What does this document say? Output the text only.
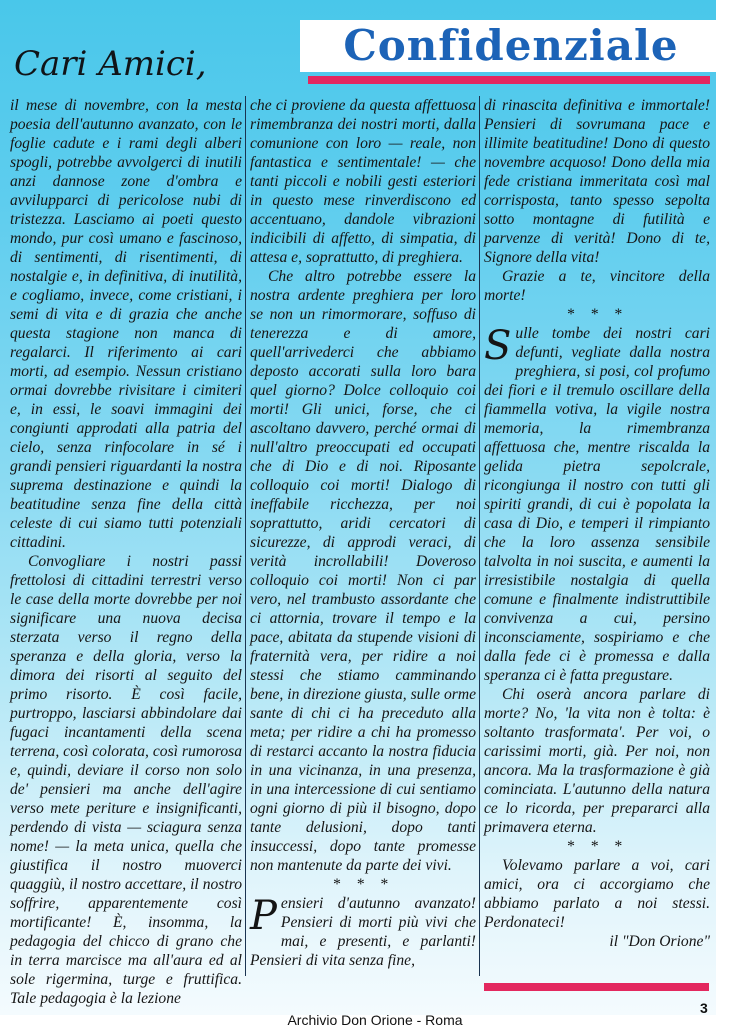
Confidenziale
Cari Amici,

il mese di novembre, con la mesta poesia dell'autunno avanzato, con le foglie cadute e i rami degli alberi spogli, potrebbe avvolgerci di inutili anzi dannose zone d'ombra e avvilupparci di pericolose nubi di tristezza. Lasciamo ai poeti questo mondo, pur così umano e fascinoso, di sentimenti, di risentimenti, di nostalgie e, in definitiva, di inutilità, e cogliamo, invece, come cristiani, i semi di vita e di grazia che anche questa stagione non manca di regalarci. Il riferimento ai cari morti, ad esempio. Nessun cristiano ormai dovrebbe rivisitare i cimiteri e, in essi, le soavi immagini dei congiunti approdati alla patria del cielo, senza rinfocolare in sé i grandi pensieri riguardanti la nostra suprema destinazione e quindi la beatitudine senza fine della città celeste di cui siamo tutti potenziali cittadini.

Convogliare i nostri passi frettolosi di cittadini terrestri verso le case della morte dovrebbe per noi significare una nuova decisa sterzata verso il regno della speranza e della gloria, verso la dimora dei risorti al seguito del primo risorto. È così facile, purtroppo, lasciarsi abbindolare dai fugaci incantamenti della scena terrena, così colorata, così rumorosa e, quindi, deviare il corso non solo de' pensieri ma anche dell'agire verso mete periture e insignificanti, perdendo di vista — sciagura senza nome! — la meta unica, quella che giustifica il nostro muoverci quaggiù, il nostro accettare, il nostro soffrire, apparentemente così mortificante! È, insomma, la pedagogia del chicco di grano che in terra marcisce ma all'aura ed al sole rigermina, turge e fruttifica. Tale pedagogia è la lezione

che ci proviene da questa affettuosa rimembranza dei nostri morti, dalla comunione con loro — reale, non fantastica e sentimentale! — che tanti piccoli e nobili gesti esteriori in questo mese rinverdiscono ed accentuano, dandole vibrazioni indicibili di affetto, di simpatia, di attesa e, soprattutto, di preghiera.

Che altro potrebbe essere la nostra ardente preghiera per loro se non un rimormorare, soffuso di tenerezza e di amore, quell'arrivederci che abbiamo deposto accorati sulla loro bara quel giorno? Dolce colloquio coi morti! Gli unici, forse, che ci ascoltano davvero, perché ormai di null'altro preoccupati ed occupati che di Dio e di noi. Riposante colloquio coi morti! Dialogo di ineffabile ricchezza, per noi soprattutto, aridi cercatori di sicurezze, di approdi veraci, di verità incrollabili! Doveroso colloquio coi morti! Non ci par vero, nel trambusto assordante che ci attornia, trovare il tempo e la pace, abitata da stupende visioni di fraternità vera, per ridire a noi stessi che stiamo camminando bene, in direzione giusta, sulle orme sante di chi ci ha preceduto alla meta; per ridire a chi ha promesso di restarci accanto la nostra fiducia in una vicinanza, in una presenza, in una intercessione di cui sentiamo ogni giorno di più il bisogno, dopo tante delusioni, dopo tanti insuccessi, dopo tante promesse non mantenute da parte dei vivi.

* * *

Pensieri d'autunno avanzato! Pensieri di morti più vivi che mai, e presenti, e parlanti! Pensieri di vita senza fine,

di rinascita definitiva e immortale! Pensieri di sovrumana pace e illimite beatitudine! Dono di questo novembre acquoso! Dono della mia fede cristiana immeritata così mal corrisposta, tanto spesso sepolta sotto montagne di futilità e parvenze di verità! Dono di te, Signore della vita!

Grazie a te, vincitore della morte!

* * *

Sulle tombe dei nostri cari defunti, vegliate dalla nostra preghiera, si posi, col profumo dei fiori e il tremulo oscillare della fiammella votiva, la vigile nostra memoria, la rimembranza affettuosa che, mentre riscalda la gelida pietra sepolcrale, ricongiunga il nostro con tutti gli spiriti grandi, di cui è popolata la casa di Dio, e temperi il rimpianto che la loro assenza sensibile talvolta in noi suscita, e aumenti la irresistibile nostalgia di quella comune e finalmente indistruttibile convivenza a cui, persino inconsciamente, sospiriamo e che dalla fede ci è promessa e dalla speranza ci è fatta pregustare.

Chi oserà ancora parlare di morte? No, 'la vita non è tolta: è soltanto trasformata'. Per voi, o carissimi morti, già. Per noi, non ancora. Ma la trasformazione è già cominciata. L'autunno della natura ce lo ricorda, per prepararci alla primavera eterna.

* * *

Volevamo parlare a voi, cari amici, ora ci accorgiamo che abbiamo parlato a noi stessi. Perdonateci!

il "Don Orione"

3
Archivio Don Orione - Roma
